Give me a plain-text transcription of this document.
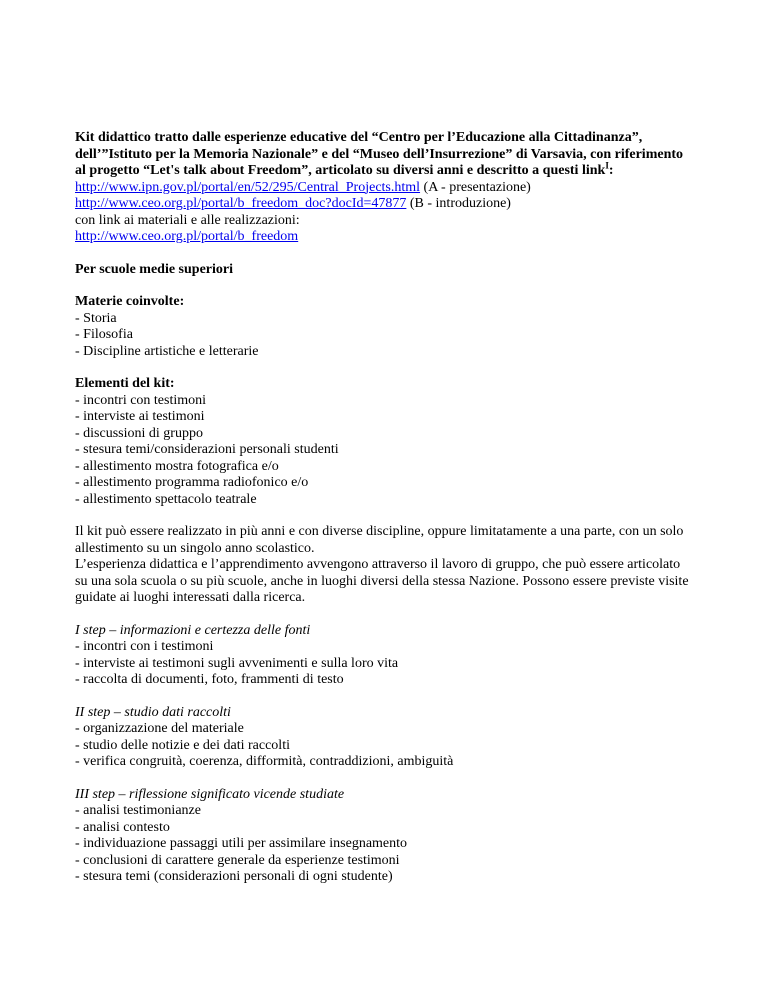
Kit didattico tratto dalle esperienze educative del “Centro per l’Educazione alla Cittadinanza”, dell’”Istituto per la Memoria Nazionale” e del “Museo dell’Insurrezione” di Varsavia, con riferimento al progetto “Let's talk about Freedom”, articolato su diversi anni e descritto a questi link$^I$:

http://www.ipn.gov.pl/portal/en/52/295/Central_Projects.html (A - presentazione)

http://www.ceo.org.pl/portal/b_freedom_doc?docId=47877 (B - introduzione)

con link ai materiali e alle realizzazioni:

http://www.ceo.org.pl/portal/b_freedom

Per scuole medie superiori

Materie coinvolte:

- Storia

- Filosofia

- Discipline artistiche e letterarie

Elementi del kit:

- incontri con testimoni

- interviste ai testimoni

- discussioni di gruppo

- stesura temi/considerazioni personali studenti

- allestimento mostra fotografica e/o

- allestimento programma radiofonico e/o

- allestimento spettacolo teatrale

Il kit può essere realizzato in più anni e con diverse discipline, oppure limitatamente a una parte, con un solo allestimento su un singolo anno scolastico.

L’esperienza didattica e l’apprendimento avvengono attraverso il lavoro di gruppo, che può essere articolato su una sola scuola o su più scuole, anche in luoghi diversi della stessa Nazione. Possono essere previste visite guidate ai luoghi interessati dalla ricerca.

I step – informazioni e certezza delle fonti

- incontri con i testimoni

- interviste ai testimoni sugli avvenimenti e sulla loro vita

- raccolta di documenti, foto, frammenti di testo

II step – studio dati raccolti

- organizzazione del materiale

- studio delle notizie e dei dati raccolti

- verifica congruità, coerenza, difformità, contraddizioni, ambiguità

III step – riflessione significato vicende studiate

- analisi testimonianze

- analisi contesto

- individuazione passaggi utili per assimilare insegnamento

- conclusioni di carattere generale da esperienze testimoni

- stesura temi (considerazioni personali di ogni studente)
